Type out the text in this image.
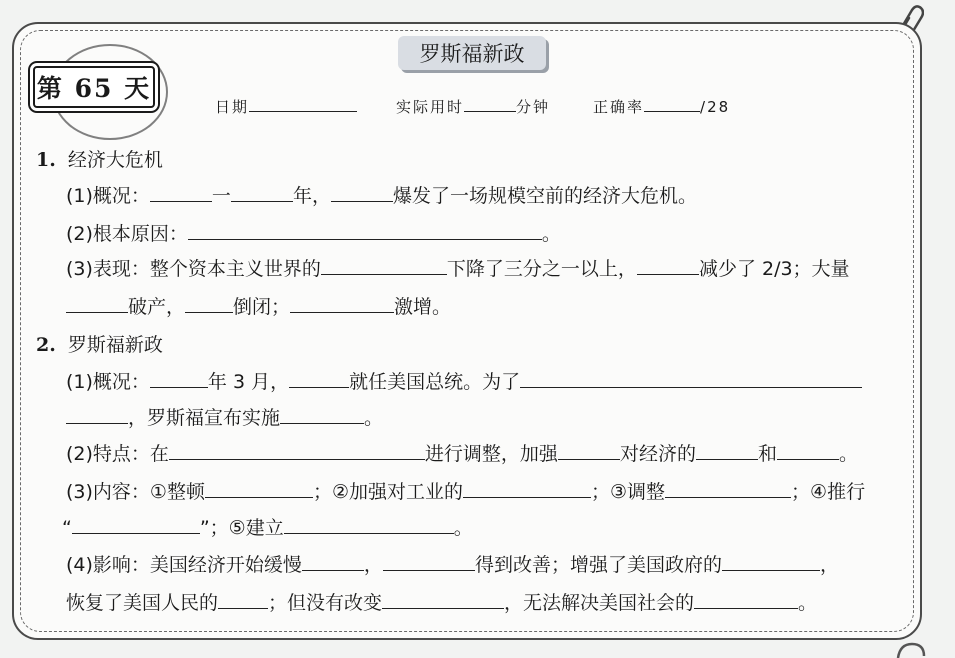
第 65 天
罗斯福新政
日期	实际用时	分钟	正确率	/28
1. 经济大危机
(1)概况：	一	年，	爆发了一场规模空前的经济大危机。
(2)根本原因：	。
(3)表现：整个资本主义世界的	下降了三分之一以上，	减少了 2/3；大量
破产，	倒闭；	激增。
2. 罗斯福新政
(1)概况：	年 3 月，	就任美国总统。为了
，罗斯福宣布实施	。
(2)特点：在	进行调整，加强	对经济的	和	。
(3)内容：①整顿	；②加强对工业的	；③调整	；④推行
“	”；⑤建立	。
(4)影响：美国经济开始缓慢	，	得到改善；增强了美国政府的	，
恢复了美国人民的	；但没有改变	，无法解决美国社会的	。
